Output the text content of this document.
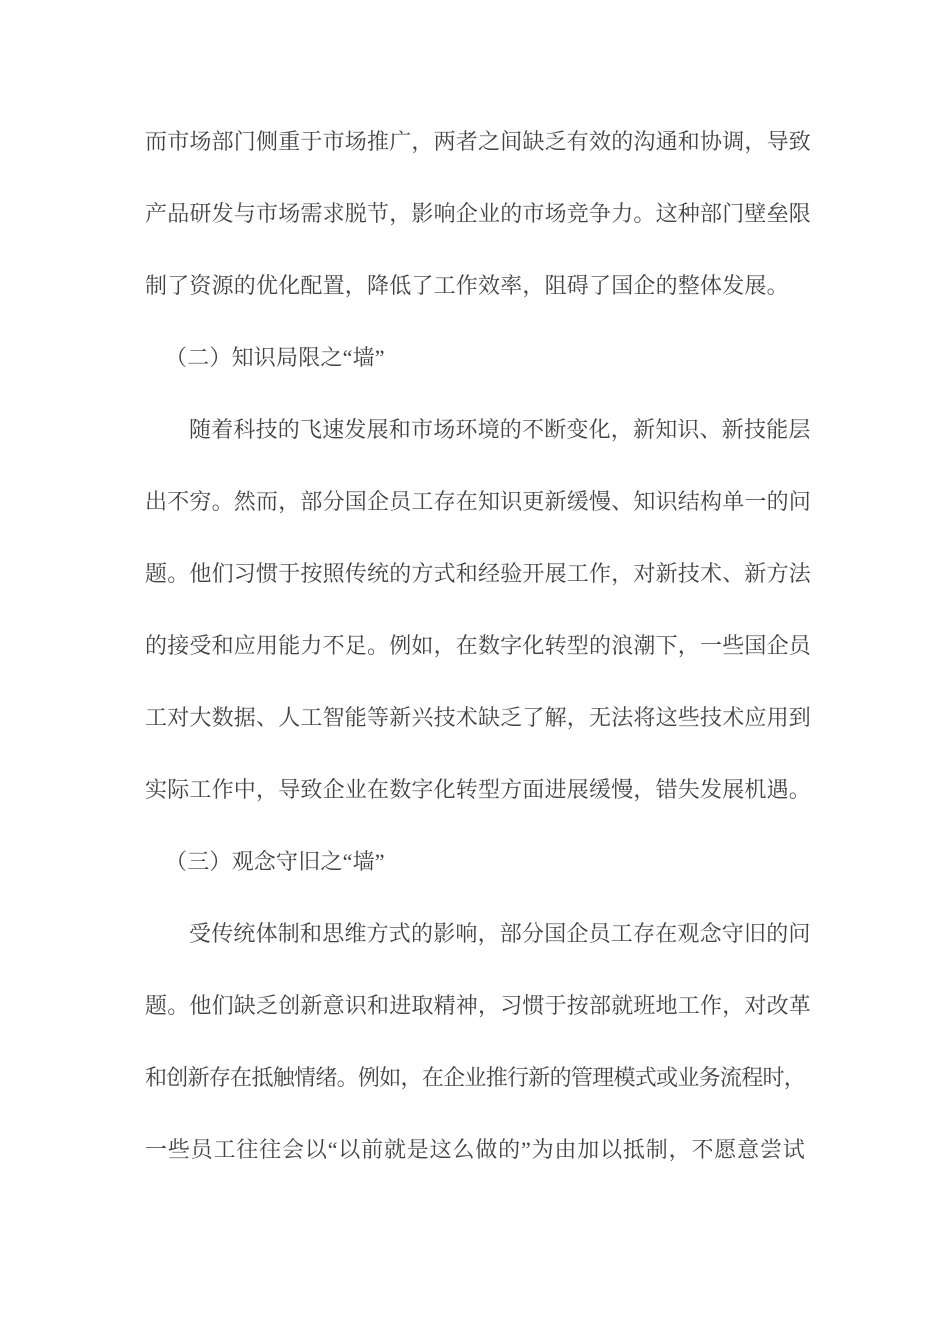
而市场部门侧重于市场推广，两者之间缺乏有效的沟通和协调，导致
产品研发与市场需求脱节，影响企业的市场竞争力。这种部门壁垒限
制了资源的优化配置，降低了工作效率，阻碍了国企的整体发展。
（二）知识局限之“墙”
随着科技的飞速发展和市场环境的不断变化，新知识、新技能层
出不穷。然而，部分国企员工存在知识更新缓慢、知识结构单一的问
题。他们习惯于按照传统的方式和经验开展工作，对新技术、新方法
的接受和应用能力不足。例如，在数字化转型的浪潮下，一些国企员
工对大数据、人工智能等新兴技术缺乏了解，无法将这些技术应用到
实际工作中，导致企业在数字化转型方面进展缓慢，错失发展机遇。
（三）观念守旧之“墙”
受传统体制和思维方式的影响，部分国企员工存在观念守旧的问
题。他们缺乏创新意识和进取精神，习惯于按部就班地工作，对改革
和创新存在抵触情绪。例如，在企业推行新的管理模式或业务流程时，
一些员工往往会以“以前就是这么做的”为由加以抵制，不愿意尝试
